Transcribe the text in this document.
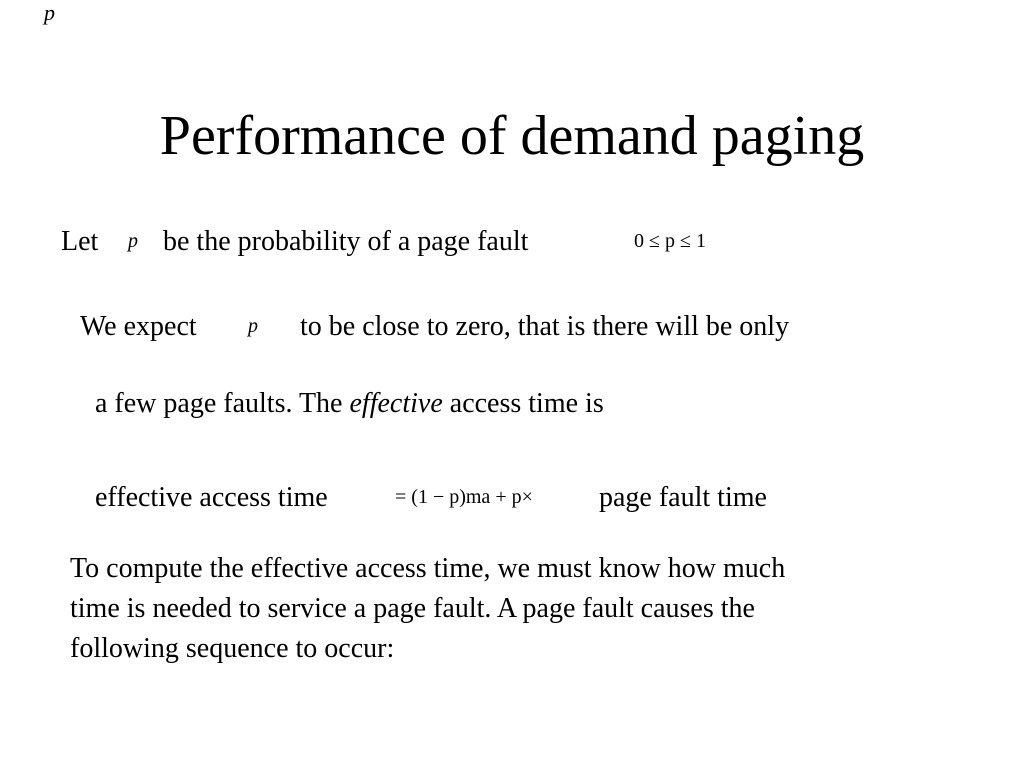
p
Performance of demand paging
Let p be the probability of a page fault	0 ≤ p ≤ 1
We expect	p to be close to zero, that is there will be only
a few page faults. The effective access time is
effective access time	= (1 − p)ma + p× page fault time
To compute the effective access time, we must know how much
time is needed to service a page fault. A page fault causes the
following sequence to occur:
